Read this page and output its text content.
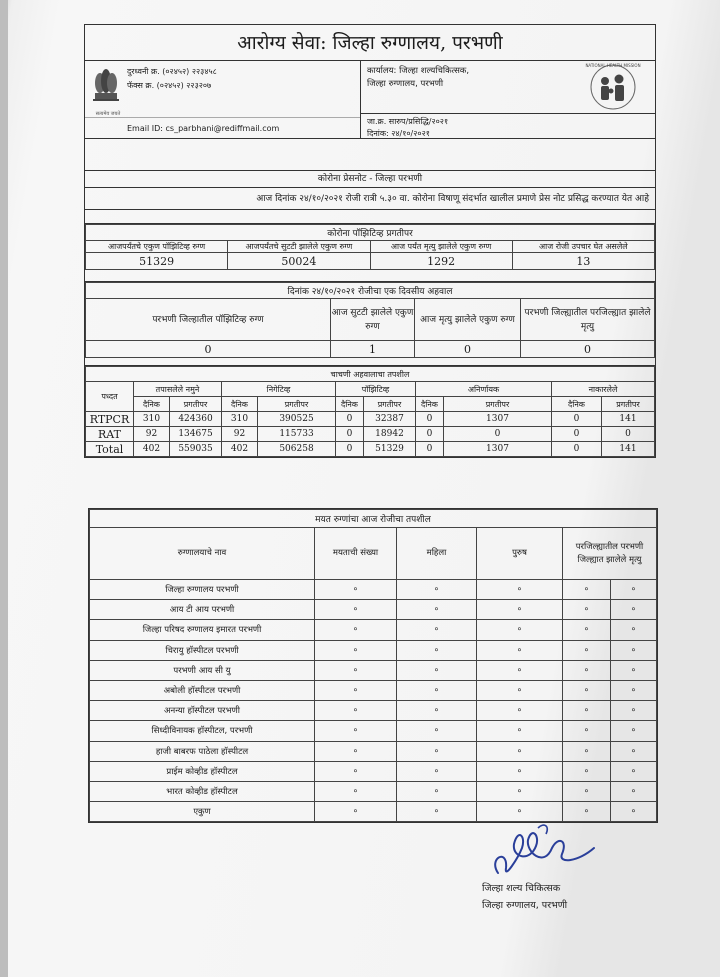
आरोग्य सेवा: जिल्हा रुग्णालय, परभणी
सत्यमेव जयते
दुरध्वनी क्र. (०२४५२) २२३४५८
फॅक्स क्र. (०२४५२) २२३२०७
Email ID: cs_parbhani@rediffmail.com
कार्यालय: जिल्हा शल्यचिकित्सक,
जिल्हा रुग्णालय, परभणी
NATIONAL HEALTH MISSION
जा.क्र. सारुप/प्रसिद्धि/२०२१
दिनांक: २४/१०/२०२१
कोरोना प्रेसनोट - जिल्हा परभणी
आज दिनांक २४/१०/२०२१ रोजी रात्री ५.३० वा. कोरोना विषाणू संदर्भात खालील प्रमाणे प्रेस नोट प्रसिद्ध करण्यात येत आहे
कोरोना पॉझिटिव्ह प्रगतीपर			
आजपर्यंतचे एकुण पॉझिटिव्ह रुग्ण	आजपर्यंतचे सुटटी झालेले एकुण रुग्ण	आज पर्यंत मृत्यु झालेले एकुण रुग्ण	आज रोजी उपचार घेत असलेले
51329	50024	1292	13
दिनांक २४/१०/२०२१ रोजीचा एक दिवसीय अहवाल			
परभणी जिल्हातील पॉझिटिव्ह रुग्ण	आज सुटटी झालेले एकुण रुग्ण	आज मृत्यु झालेले एकुण रुग्ण	परभणी जिल्ह्यातील परजिल्ह्यात झालेले मृत्यु
0	1	0	0
चाचणी अहवालाचा तपशील										
पध्दत	तपासलेले नमुने		निगेटिव्ह		पॉझिटिव्ह		अनिर्णायक		नाकारलेले	
	दैनिक	प्रगतीपर	दैनिक	प्रगतीपर	दैनिक	प्रगतीपर	दैनिक	प्रगतीपर	दैनिक	प्रगतीपर
RTPCR	310	424360	310	390525	0	32387	0	1307	0	141
RAT	92	134675	92	115733	0	18942	0	0	0	0
Total	402	559035	402	506258	0	51329	0	1307	0	141
मयत रुग्णांचा आज रोजीचा तपशील					
रुग्णालयाचे नाव	मयताची संख्या	महिला	पुरुष	परजिल्ह्यातील परभणी जिल्ह्यात झालेले मृत्यु	
जिल्हा रुग्णालय परभणी	०	०	०	०	०
आय टी आय परभणी	०	०	०	०	०
जिल्हा परिषद रुग्णालय इमारत परभणी	०	०	०	०	०
चिरायु हॉस्पीटल परभणी	०	०	०	०	०
परभणी आय सी यु	०	०	०	०	०
अबोली हॉस्पीटल परभणी	०	०	०	०	०
अनन्या हॉस्पीटल परभणी	०	०	०	०	०
सिध्दीविनायक हॉस्पीटल, परभणी	०	०	०	०	०
हाजी बाबरफ पाठेला हॉस्पीटल	०	०	०	०	०
प्राईम कोव्हीड हॉस्पीटल	०	०	०	०	०
भारत कोव्हीड हॉस्पीटल	०	०	०	०	०
एकुण	०	०	०	०	०
जिल्हा शल्य चिकित्सक
जिल्हा रुग्णालय, परभणी
